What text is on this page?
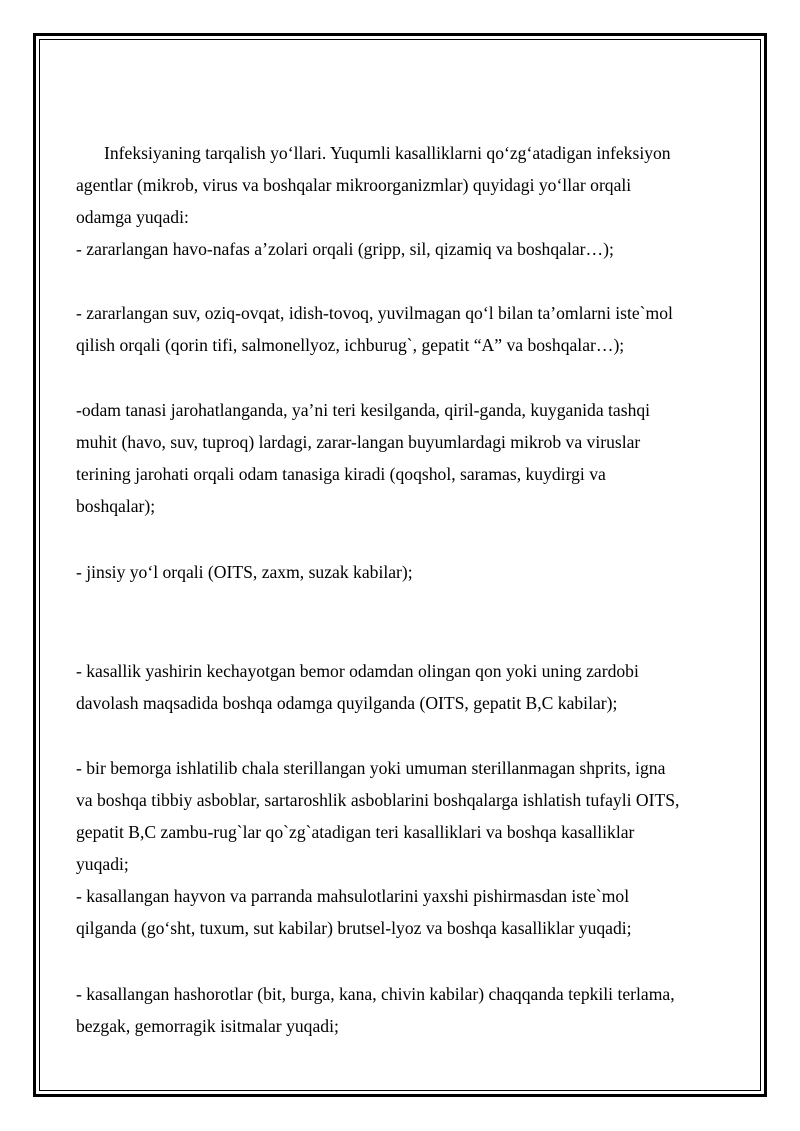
Infeksiyaning tarqalish yo‘llari. Yuqumli kasalliklarni qo‘zg‘atadigan infeksiyon

agentlar (mikrob, virus va boshqalar mikroorganizmlar) quyidagi yo‘llar orqali

odamga yuqadi:

- zararlangan havo-nafas a’zolari orqali (gripp, sil, qizamiq va boshqalar…);

- zararlangan suv, oziq-ovqat, idish-tovoq, yuvilmagan qo‘l bilan ta’omlarni iste`mol

qilish orqali (qorin tifi, salmonellyoz, ichburug`, gepatit “A” va boshqalar…);

-odam tanasi jarohatlanganda, ya’ni teri kesilganda, qiril-ganda, kuyganida tashqi

muhit (havo, suv, tuproq) lardagi, zarar-langan buyumlardagi mikrob va viruslar

terining jarohati orqali odam tanasiga kiradi (qoqshol, saramas, kuydirgi va

boshqalar);

- jinsiy yo‘l orqali (OITS, zaxm, suzak kabilar);

- kasallik yashirin kechayotgan bemor odamdan olingan qon yoki uning zardobi

davolash maqsadida boshqa odamga quyilganda (OITS, gepatit B,C kabilar);

- bir bemorga ishlatilib chala sterillangan yoki umuman sterillanmagan shprits, igna

va boshqa tibbiy asboblar, sartaroshlik asboblarini boshqalarga ishlatish tufayli OITS,

gepatit B,C zambu-rug`lar qo`zg`atadigan teri kasalliklari va boshqa kasalliklar

yuqadi;

- kasallangan hayvon va parranda mahsulotlarini yaxshi pishirmasdan iste`mol

qilganda (go‘sht, tuxum, sut kabilar) brutsel-lyoz va boshqa kasalliklar yuqadi;

- kasallangan hashorotlar (bit, burga, kana, chivin kabilar) chaqqanda tepkili terlama,

bezgak, gemorragik isitmalar yuqadi;
